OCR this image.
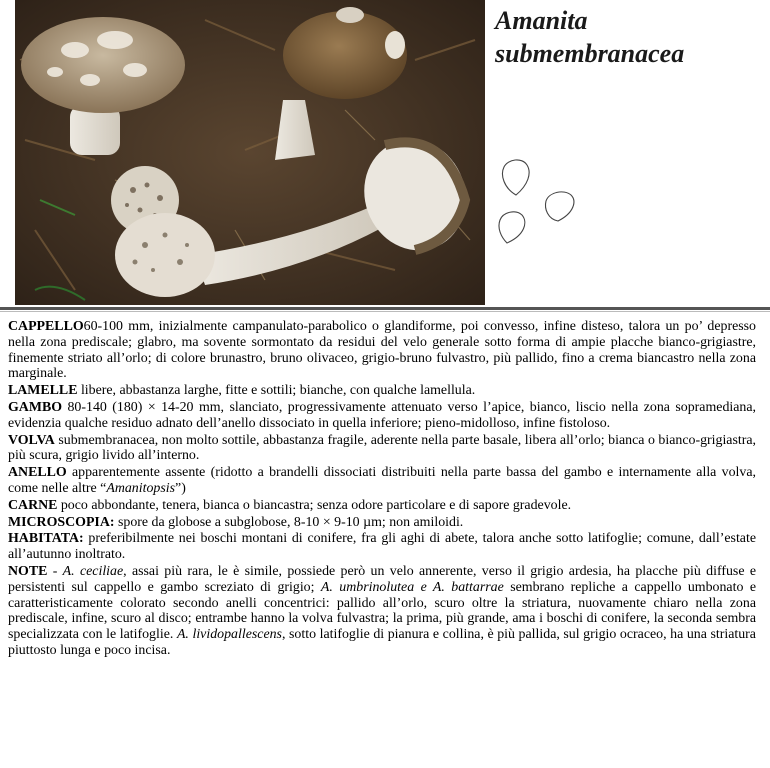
Amanita
submembranacea

CAPPELLO60-100 mm, inizialmente campanulato-parabolico o glandiforme, poi convesso, infine disteso, talora un po’ depresso nella zona prediscale; glabro, ma sovente sormontato da residui del velo generale sotto forma di ampie placche bianco-grigiastre, finemente striato all’orlo; di colore brunastro, bruno olivaceo, grigio-bruno fulvastro, più pallido, fino a crema biancastro nella zona marginale.

LAMELLE libere, abbastanza larghe, fitte e sottili; bianche, con qualche lamellula.

GAMBO 80-140 (180) × 14-20 mm, slanciato, progressivamente attenuato verso l’apice, bianco, liscio nella zona sopramediana, evidenzia qualche residuo adnato dell’anello dissociato in quella inferiore; pieno-midolloso, infine fistoloso.

VOLVA submembranacea, non molto sottile, abbastanza fragile, aderente nella parte basale, libera all’orlo; bianca o bianco-grigiastra, più scura, grigio livido all’interno.

ANELLO apparentemente assente (ridotto a brandelli dissociati distribuiti nella parte bassa del gambo e internamente alla volva, come nelle altre “Amanitopsis”)

CARNE poco abbondante, tenera, bianca o biancastra; senza odore particolare e di sapore gradevole.

MICROSCOPIA: spore da globose a subglobose, 8-10 × 9-10 µm; non amiloidi.

HABITATA: preferibilmente nei boschi montani di conifere, fra gli aghi di abete, talora anche sotto latifoglie; comune, dall’estate all’autunno inoltrato.

NOTE - A. ceciliae, assai più rara, le è simile, possiede però un velo annerente, verso il grigio ardesia, ha placche più diffuse e persistenti sul cappello e gambo screziato di grigio; A. umbrinolutea e A. battarrae sembrano repliche a cappello umbonato e caratteristicamente colorato secondo anelli concentrici: pallido all’orlo, scuro oltre la striatura, nuovamente chiaro nella zona prediscale, infine, scuro al disco; entrambe hanno la volva fulvastra; la prima, più grande, ama i boschi di conifere, la seconda sembra specializzata con le latifoglie. A. lividopallescens, sotto latifoglie di pianura e collina, è più pallida, sul grigio ocraceo, ha una striatura piuttosto lunga e poco incisa.
